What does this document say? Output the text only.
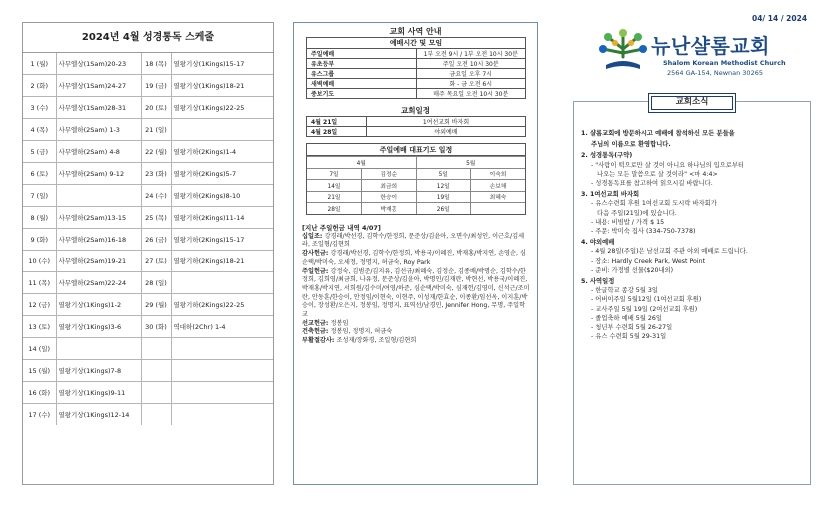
2024년 4월 성경통독 스케줄
1 (월)	사무엘상(1Sam)20-23	18 (목)	열왕기상(1Kings)15-17
2 (화)	사무엘상(1Sam)24-27	19 (금)	열왕기상(1Kings)18-21
3 (수)	사무엘상(1Sam)28-31	20 (토)	열왕기상(1Kings)22-25
4 (목)	사무엘하(2Sam) 1-3	21 (일)	
5 (금)	사무엘하(2Sam) 4-8	22 (월)	열왕기하(2Kings)1-4
6 (토)	사무엘하(2Sam) 9-12	23 (화)	열왕기하(2Kings)5-7
7 (일)		24 (수)	열왕기하(2Kings)8-10
8 (월)	사무엘하(2Sam)13-15	25 (목)	열왕기하(2Kings)11-14
9 (화)	사무엘하(2Sam)16-18	26 (금)	열왕기하(2Kings)15-17
10 (수)	사무엘하(2Sam)19-21	27 (토)	열왕기하(2Kings)18-21
11 (목)	사무엘하(2Sam)22-24	28 (일)	
12 (금)	열왕기상(1Kings)1-2	29 (월)	열왕기하(2Kings)22-25
13 (토)	열왕기상(1Kings)3-6	30 (화)	역대하(2Chr) 1-4
14 (일)			
15 (월)	열왕기상(1Kings)7-8		
16 (화)	열왕기상(1Kings)9-11		
17 (수)	열왕기상(1Kings)12-14		
교회 사역 안내
예배시간 및 모임	
주일예배	1부 오전 9시 / 1부 오전 10시 30분
유초등부	주일 오전 10시 30분
유스그룹	금요일 오후 7시
새벽예배	화 - 금 오전 6시
중보기도	매주 목요일 오전 10시 30분
교회일정
4월 21일	1여선교회 바자회
4월 28일	야외예배
주일예배 대표기도 일정
4월		5월	
7일	김정순	5일	이숙희
14일	최금희	12일	손보해
21일	한승이	19일	최혜숙
28일	박재홍	26일	
[지난 주일헌금 내역 4/07]
십일조: 강경래/박선경, 김학수/한정희, 문준상/김윤아, 오면수/최성인, 이근호/김세라, 조일형/김현희
감사헌금: 강경래/박선경, 김학수/한정희, 박용국/이혜진, 박재홍/박지연, 손영순, 심순택/박미숙, 오세정, 정명지, 허금숙, Roy Park
주일헌금: 강정숙, 김범준/김지유, 김선규/최혜숙, 김정순, 김종배/박명순, 김학수/한정희, 김희영/최금희, 나유정, 문준상/김윤아, 박명인/김재란, 박현선, 박용국/이혜진, 박재홍/박지연, 서희원/김수미/여영/하준, 심순택/박미숙, 심재헌/김영미, 신석근/조미란, 안동훈/한승이, 안정임/이현숙, 이현주, 이성재/한효순, 이종환/임선옥, 이지훈/박승이, 장성환/오은지, 정봉임, 정명지, 표역선/남경민, Jennifer Hong, 무명, 주일학교
선교헌금: 정봉임
건축헌금: 정봉임, 정명지, 허금숙
부활절감사: 조성재/장화경, 조일형/김현희
04/ 14 / 2024
뉴난샬롬교회
Shalom Korean Methodist Church
2564 GA-154, Newnan 30265
교회소식
1. 샬롬교회에 방문하시고 예배에 참석하신 모든 분들을
주님의 이름으로 환영합니다.
2. 성경통독(구약)
- "사람이 떡으로만 살 것이 아니요 하나님의 입으로부터
나오는 모든 말씀으로 살 것이라" <마 4:4>
- 성경통독표를 참고하여 읽으시길 바랍니다.
3. 1여선교회 바자회
- 유스수련회 후원 1여선교회 도시락 바자회가
다음 주일(21일)에 있습니다.
- 내용: 비빔밥 / 가격 $ 15
- 주문: 박미숙 집사 (334-750-7378)
4. 야외예배
- 4월 28일(주일)은 남선교회 주관 야외 예배로 드립니다.
- 장소: Hardly Creek Park, West Point
- 준비: 가정별 선물($20내외)
5. 사역일정
- 한글학교 종강 5월 3일
- 어버이주일 5월12일 (1여선교회 후원)
- 교사주일 5월 19일 (2여선교회 후원)
- 졸업축하 예배 5월 26일
- 청년부 수련회 5월 26-27일
- 유스 수련회 5월 29-31일
